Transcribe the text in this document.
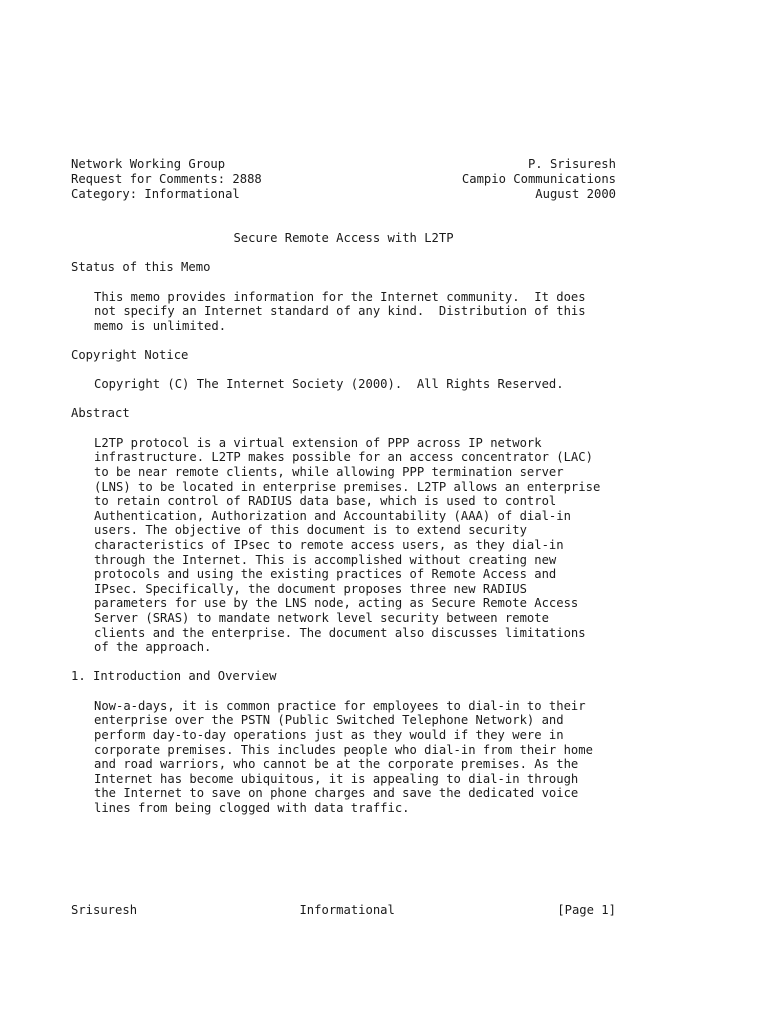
Network Working Group	P. Srisuresh
Request for Comments: 2888	Campio Communications
Category: Informational	August 2000
Secure Remote Access with L2TP
Status of this Memo
This memo provides information for the Internet community.  It does
not specify an Internet standard of any kind.  Distribution of this
memo is unlimited.
Copyright Notice
Copyright (C) The Internet Society (2000).  All Rights Reserved.
Abstract
L2TP protocol is a virtual extension of PPP across IP network
infrastructure. L2TP makes possible for an access concentrator (LAC)
to be near remote clients, while allowing PPP termination server
(LNS) to be located in enterprise premises. L2TP allows an enterprise
to retain control of RADIUS data base, which is used to control
Authentication, Authorization and Accountability (AAA) of dial-in
users. The objective of this document is to extend security
characteristics of IPsec to remote access users, as they dial-in
through the Internet. This is accomplished without creating new
protocols and using the existing practices of Remote Access and
IPsec. Specifically, the document proposes three new RADIUS
parameters for use by the LNS node, acting as Secure Remote Access
Server (SRAS) to mandate network level security between remote
clients and the enterprise. The document also discusses limitations
of the approach.
1. Introduction and Overview
Now-a-days, it is common practice for employees to dial-in to their
enterprise over the PSTN (Public Switched Telephone Network) and
perform day-to-day operations just as they would if they were in
corporate premises. This includes people who dial-in from their home
and road warriors, who cannot be at the corporate premises. As the
Internet has become ubiquitous, it is appealing to dial-in through
the Internet to save on phone charges and save the dedicated voice
lines from being clogged with data traffic.
Srisuresh	Informational	[Page 1]
